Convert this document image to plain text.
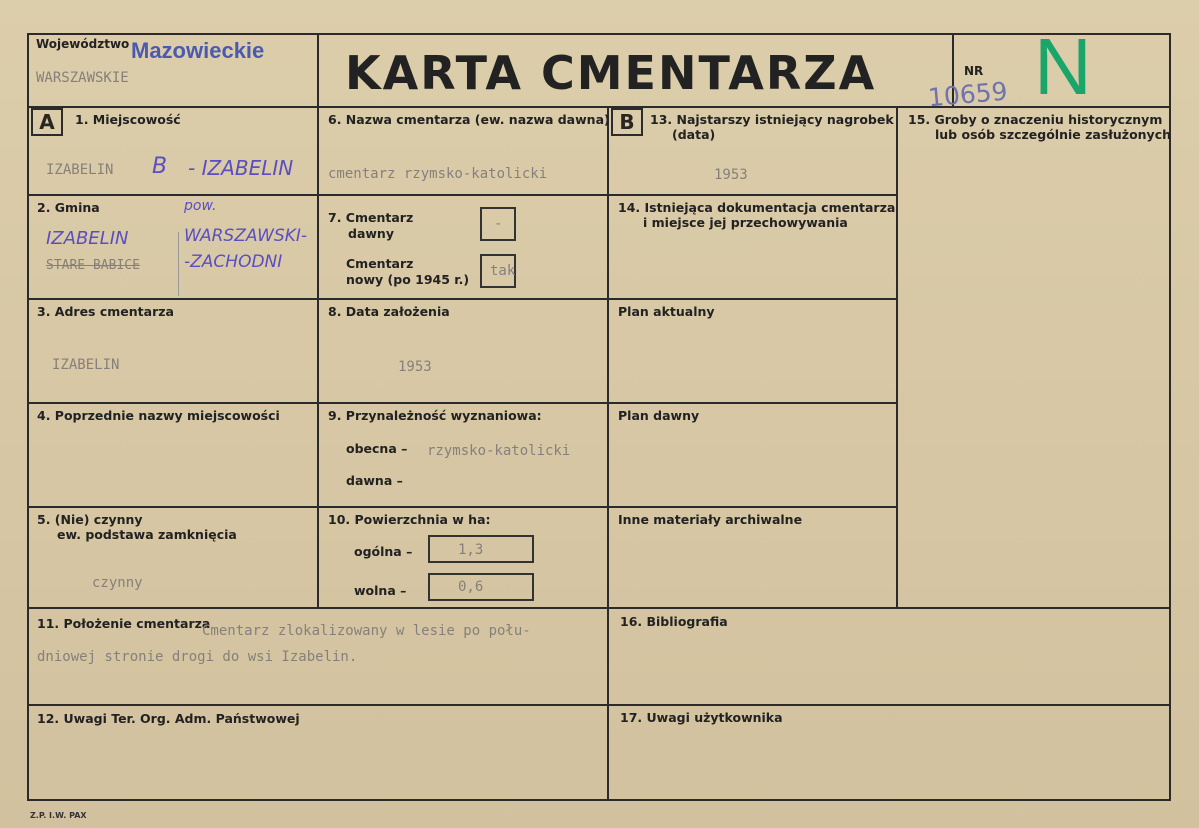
Województwo Mazowieckie
WARSZAWSKIE	KARTA CMENTARZA	NR
10659 N
A	1. Miejscowość
IZABELIN B - IZABELIN
2. Gmina
IZABELIN
STARE BABICE
pow.
WARSZAWSKI-
-ZACHODNI
3. Adres cmentarza
IZABELIN
4. Poprzednie nazwy miejscowości
5. (Nie) czynny
ew. podstawa zamknięcia
czynny
6. Nazwa cmentarza (ew. nazwa dawna)
cmentarz rzymsko-katolicki
7. Cmentarz
dawny
-
Cmentarz
nowy (po 1945 r.)
tak
8. Data założenia
1953
9. Przynależność wyznaniowa:
obecna – rzymsko-katolicki
dawna –
10. Powierzchnia w ha:
ogólna –	1,3
wolna –	0,6
11. Położenie cmentarza
Cmentarz zlokalizowany w lesie po połu-
dniowej stronie drogi do wsi Izabelin.
12. Uwagi Ter. Org. Adm. Państwowej
B	13. Najstarszy istniejący nagrobek
(data)
1953
14. Istniejąca dokumentacja cmentarza
i miejsce jej przechowywania
Plan aktualny
Plan dawny
Inne materiały archiwalne
15. Groby o znaczeniu historycznym
lub osób szczególnie zasłużonych
16. Bibliografia
17. Uwagi użytkownika
Z.P. I.W. PAX
